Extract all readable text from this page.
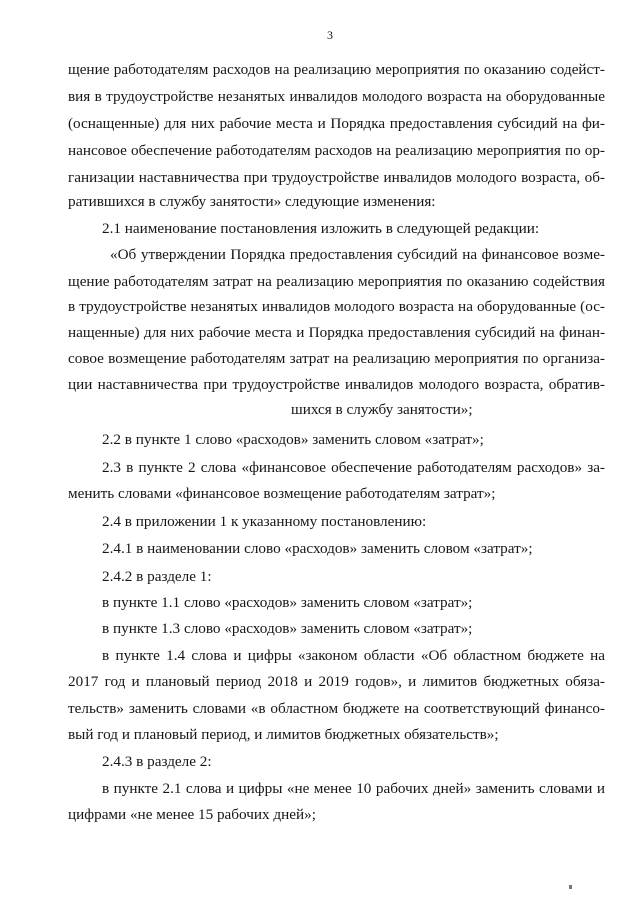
3
щение работодателям расходов на реализацию мероприятия по оказанию содейст-
вия в трудоустройстве незанятых инвалидов молодого возраста на оборудованные
(оснащенные) для них рабочие места и Порядка предоставления субсидий на фи-
нансовое обеспечение работодателям расходов на реализацию мероприятия по ор-
ганизации наставничества при трудоустройстве инвалидов молодого возраста, об-
ратившихся в службу занятости» следующие изменения:
2.1 наименование постановления изложить в следующей редакции:
«Об утверждении Порядка предоставления субсидий на финансовое возме-
щение работодателям затрат на реализацию мероприятия по оказанию содействия
в трудоустройстве незанятых инвалидов молодого возраста на оборудованные (ос-
нащенные) для них рабочие места и Порядка предоставления субсидий на финан-
совое возмещение работодателям затрат на реализацию мероприятия по организа-
ции наставничества при трудоустройстве инвалидов молодого возраста, обратив-
шихся в службу занятости»;
2.2 в пункте 1 слово «расходов» заменить словом «затрат»;
2.3 в пункте 2 слова «финансовое обеспечение работодателям расходов» за-
менить словами «финансовое возмещение работодателям затрат»;
2.4 в приложении 1 к указанному постановлению:
2.4.1 в наименовании слово «расходов» заменить словом «затрат»;
2.4.2 в разделе 1:
в пункте 1.1 слово «расходов» заменить словом «затрат»;
в пункте 1.3 слово «расходов» заменить словом «затрат»;
в пункте 1.4 слова и цифры «законом области «Об областном бюджете на
2017 год и плановый период 2018 и 2019 годов», и лимитов бюджетных обяза-
тельств» заменить словами «в областном бюджете на соответствующий финансо-
вый год и плановый период, и лимитов бюджетных обязательств»;
2.4.3 в разделе 2:
в пункте 2.1 слова и цифры «не менее 10 рабочих дней» заменить словами и
цифрами «не менее 15 рабочих дней»;
